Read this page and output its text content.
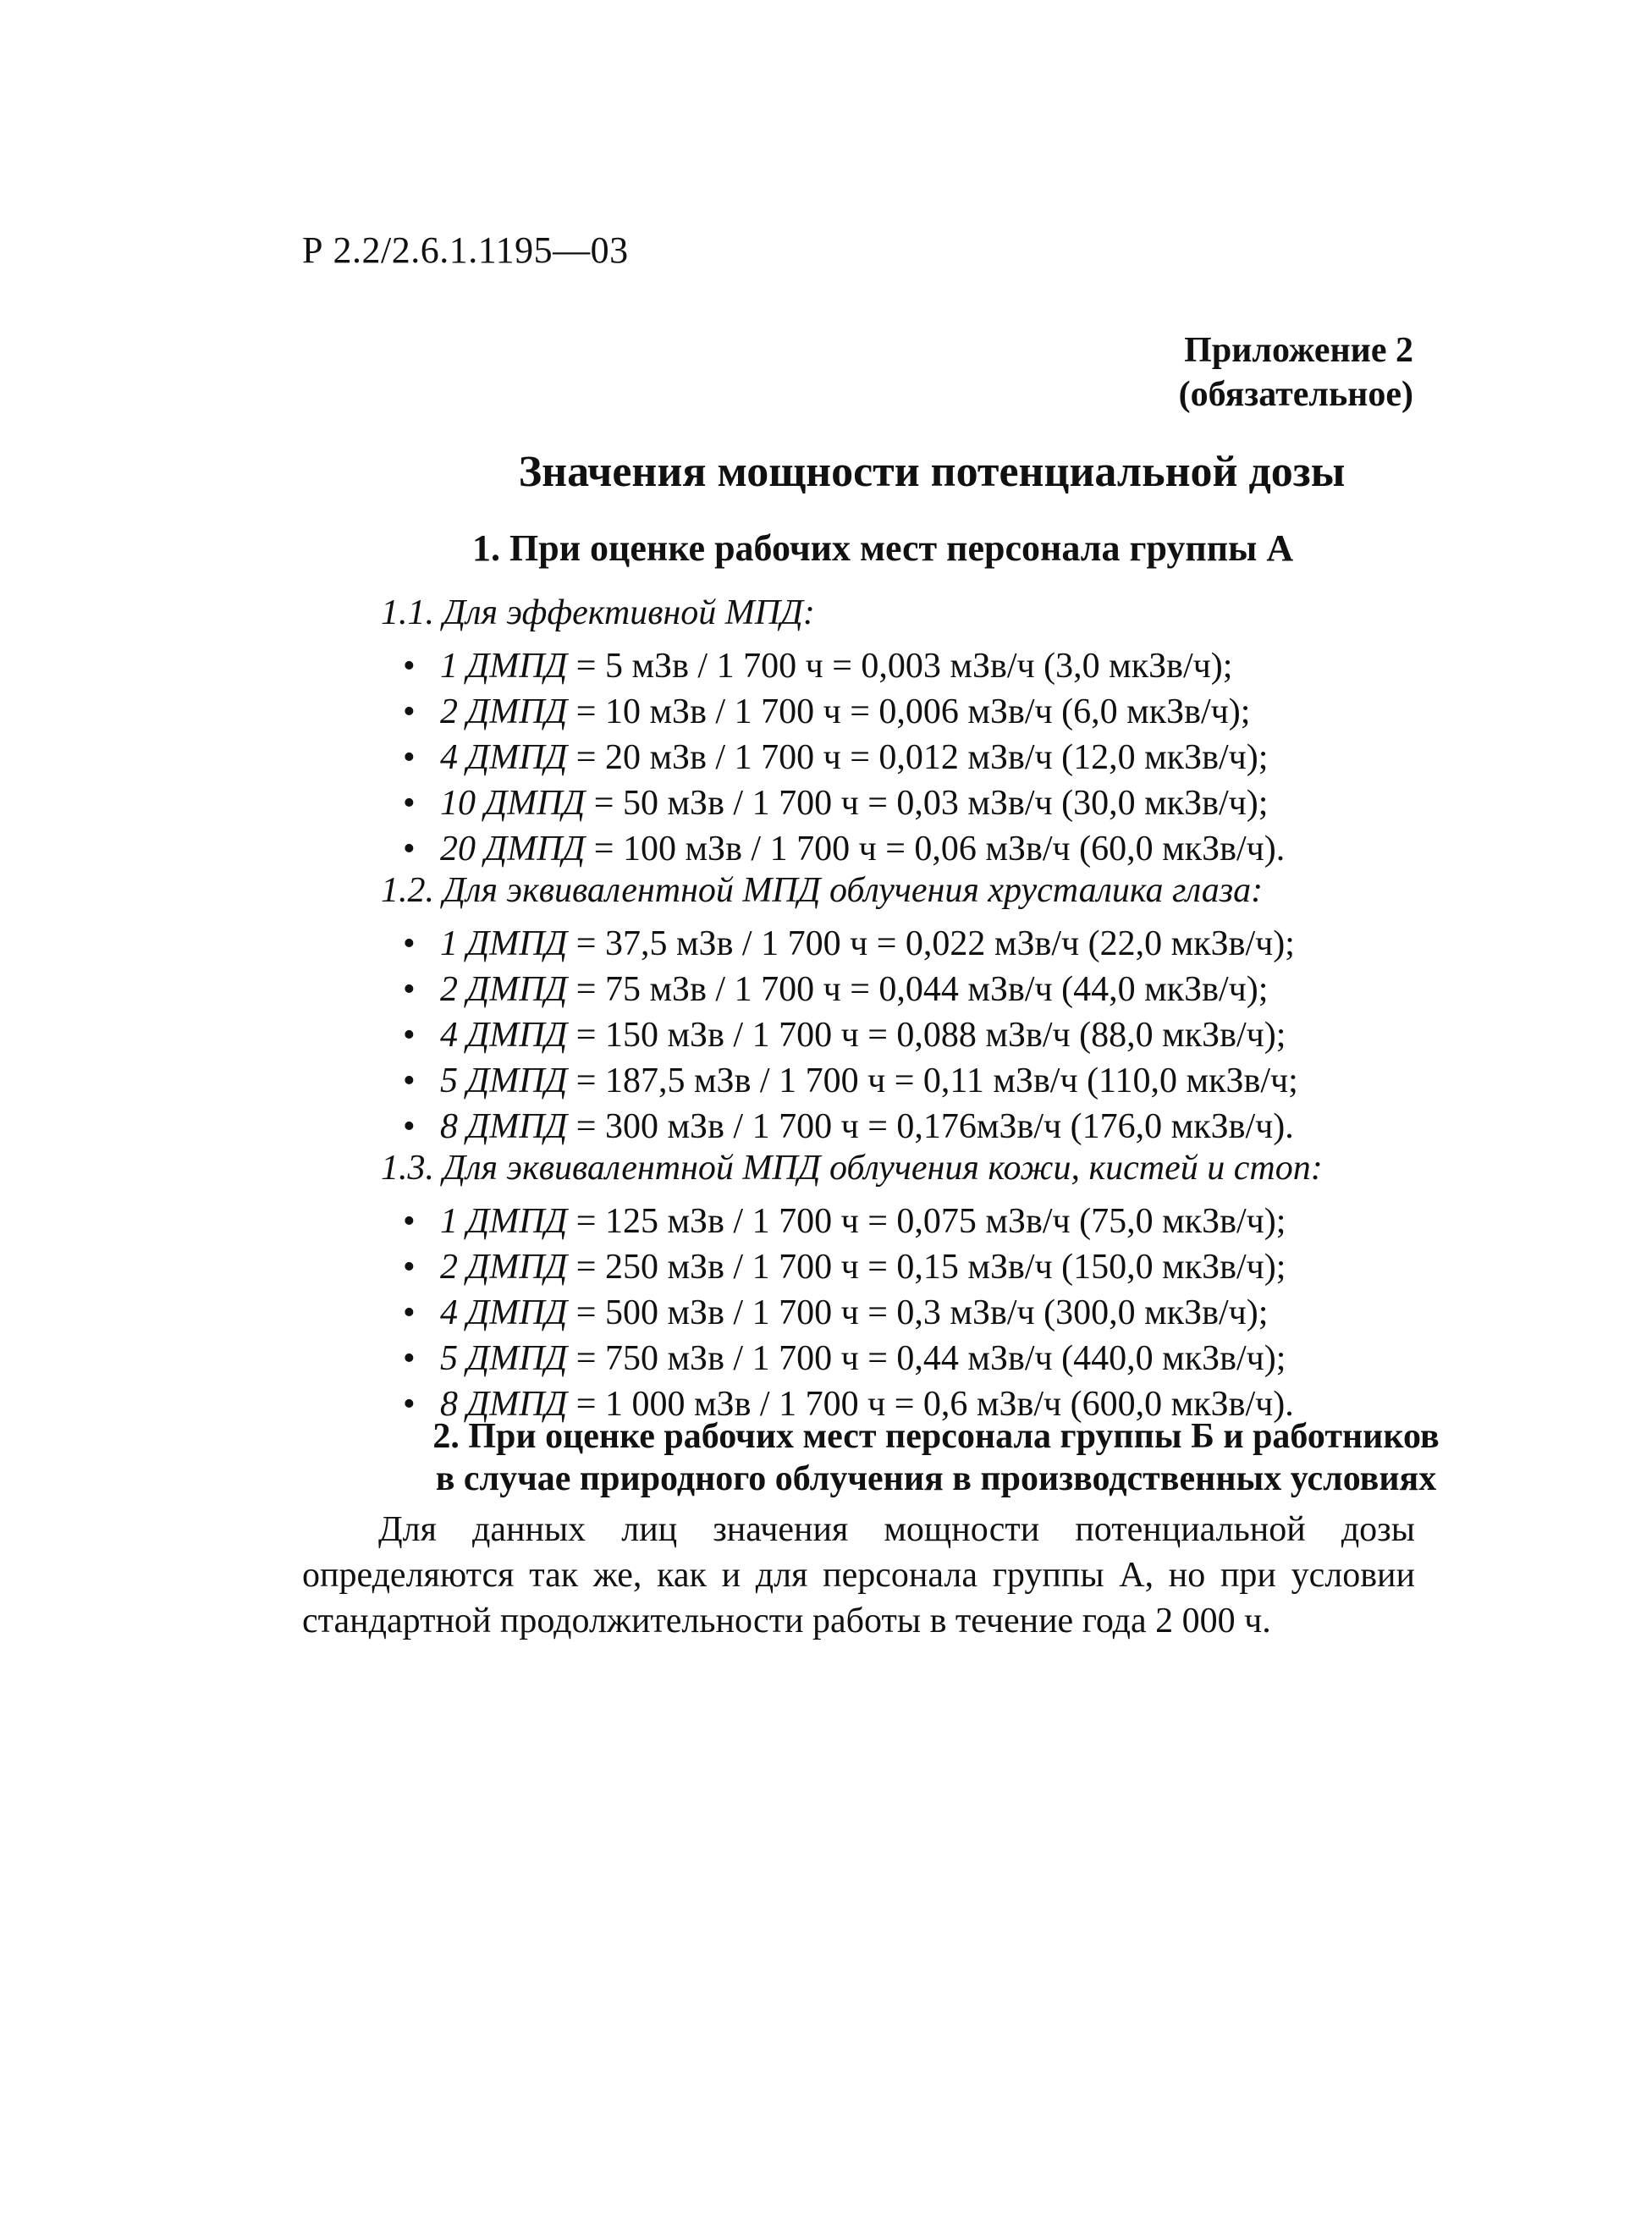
Р 2.2/2.6.1.1195—03
Приложение 2
(обязательное)
Значения мощности потенциальной дозы
1. При оценке рабочих мест персонала группы А
1.1. Для эффективной МПД:
• 1 ДМПД = 5 мЗв / 1 700 ч = 0,003 мЗв/ч (3,0 мкЗв/ч);
• 2 ДМПД = 10 мЗв / 1 700 ч = 0,006 мЗв/ч (6,0 мкЗв/ч);
• 4 ДМПД = 20 мЗв / 1 700 ч = 0,012 мЗв/ч (12,0 мкЗв/ч);
• 10 ДМПД = 50 мЗв / 1 700 ч = 0,03 мЗв/ч (30,0 мкЗв/ч);
• 20 ДМПД = 100 мЗв / 1 700 ч = 0,06 мЗв/ч (60,0 мкЗв/ч).
1.2. Для эквивалентной МПД облучения хрусталика глаза:
• 1 ДМПД = 37,5 мЗв / 1 700 ч = 0,022 мЗв/ч (22,0 мкЗв/ч);
• 2 ДМПД = 75 мЗв / 1 700 ч = 0,044 мЗв/ч (44,0 мкЗв/ч);
• 4 ДМПД = 150 мЗв / 1 700 ч = 0,088 мЗв/ч (88,0 мкЗв/ч);
• 5 ДМПД = 187,5 мЗв / 1 700 ч = 0,11 мЗв/ч (110,0 мкЗв/ч;
• 8 ДМПД = 300 мЗв / 1 700 ч = 0,176мЗв/ч (176,0 мкЗв/ч).
1.3. Для эквивалентной МПД облучения кожи, кистей и стоп:
• 1 ДМПД = 125 мЗв / 1 700 ч = 0,075 мЗв/ч (75,0 мкЗв/ч);
• 2 ДМПД = 250 мЗв / 1 700 ч = 0,15 мЗв/ч (150,0 мкЗв/ч);
• 4 ДМПД = 500 мЗв / 1 700 ч = 0,3 мЗв/ч (300,0 мкЗв/ч);
• 5 ДМПД = 750 мЗв / 1 700 ч = 0,44 мЗв/ч (440,0 мкЗв/ч);
• 8 ДМПД = 1 000 мЗв / 1 700 ч = 0,6 мЗв/ч (600,0 мкЗв/ч).
2. При оценке рабочих мест персонала группы Б и работников
в случае природного облучения в производственных условиях
Для данных лиц значения мощности потенциальной дозы определяются так же, как и для персонала группы А, но при условии стандартной продолжительности работы в течение года 2 000 ч.
